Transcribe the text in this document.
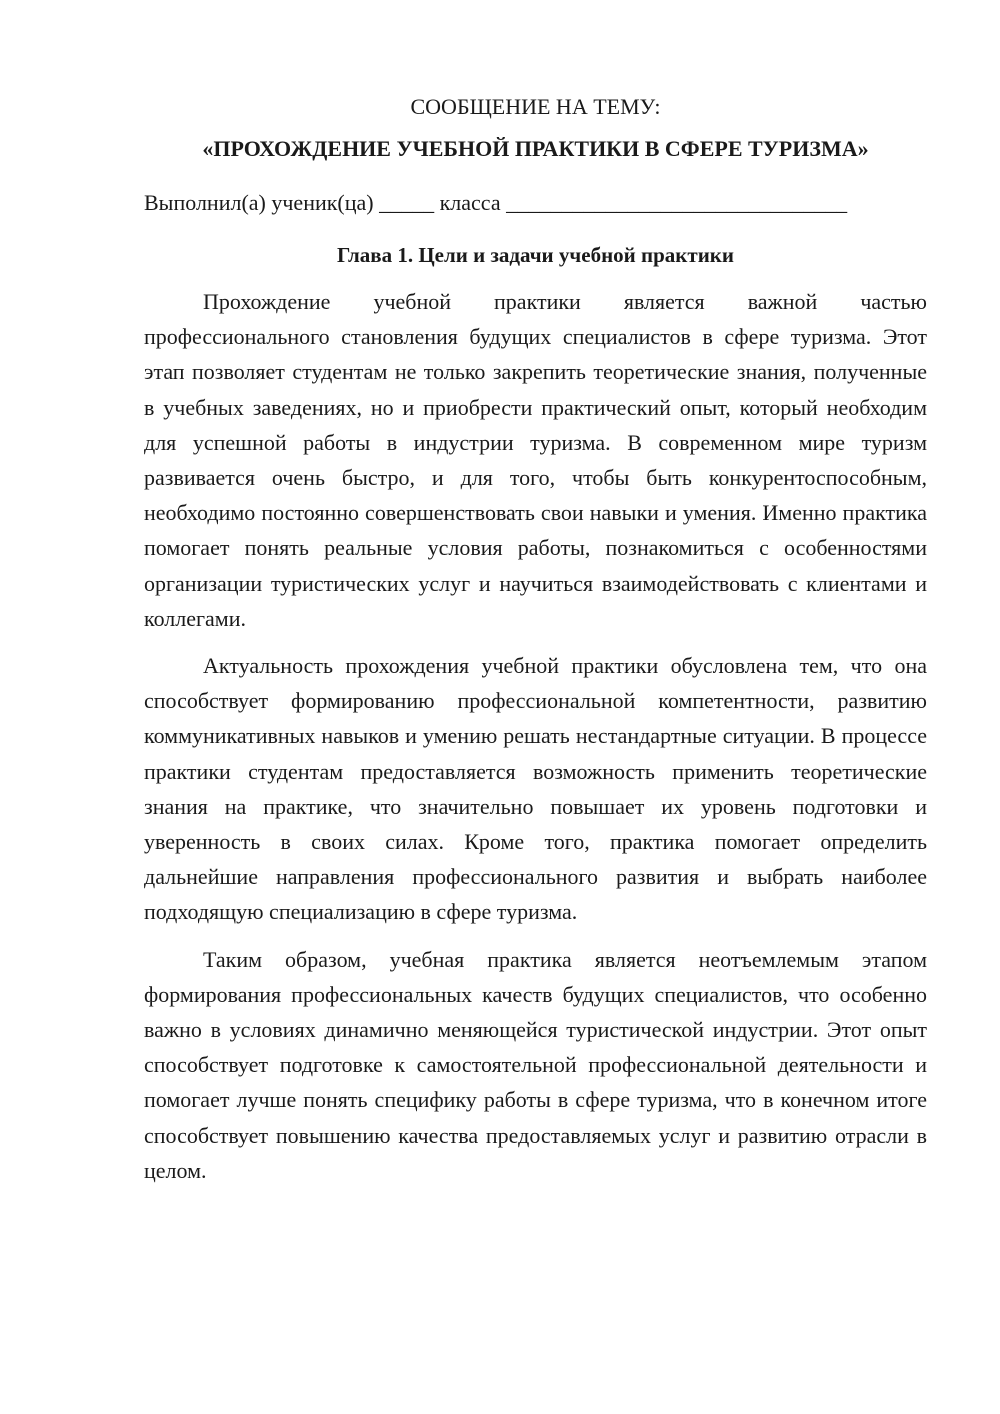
СООБЩЕНИЕ НА ТЕМУ:

«ПРОХОЖДЕНИЕ УЧЕБНОЙ ПРАКТИКИ В СФЕРЕ ТУРИЗМА»

Выполнил(а) ученик(ца) _____ класса _______________________________

Глава 1. Цели и задачи учебной практики

Прохождение учебной практики является важной частью профессионального становления будущих специалистов в сфере туризма. Этот этап позволяет студентам не только закрепить теоретические знания, полученные в учебных заведениях, но и приобрести практический опыт, который необходим для успешной работы в индустрии туризма. В современном мире туризм развивается очень быстро, и для того, чтобы быть конкурентоспособным, необходимо постоянно совершенствовать свои навыки и умения. Именно практика помогает понять реальные условия работы, познакомиться с особенностями организации туристических услуг и научиться взаимодействовать с клиентами и коллегами.

Актуальность прохождения учебной практики обусловлена тем, что она способствует формированию профессиональной компетентности, развитию коммуникативных навыков и умению решать нестандартные ситуации. В процессе практики студентам предоставляется возможность применить теоретические знания на практике, что значительно повышает их уровень подготовки и уверенность в своих силах. Кроме того, практика помогает определить дальнейшие направления профессионального развития и выбрать наиболее подходящую специализацию в сфере туризма.

Таким образом, учебная практика является неотъемлемым этапом формирования профессиональных качеств будущих специалистов, что особенно важно в условиях динамично меняющейся туристической индустрии. Этот опыт способствует подготовке к самостоятельной профессиональной деятельности и помогает лучше понять специфику работы в сфере туризма, что в конечном итоге способствует повышению качества предоставляемых услуг и развитию отрасли в целом.
